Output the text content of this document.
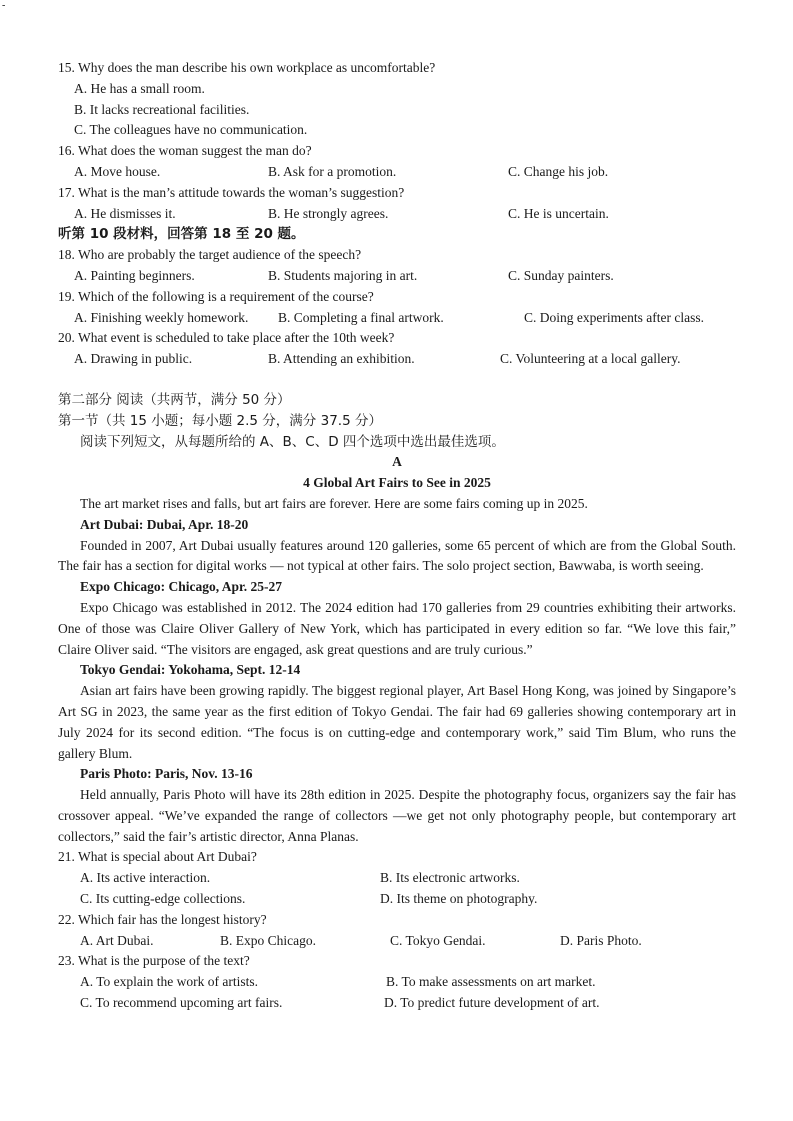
-
15. Why does the man describe his own workplace as uncomfortable?
A. He has a small room.
B. It lacks recreational facilities.
C. The colleagues have no communication.
16. What does the woman suggest the man do?
A. Move house.	B. Ask for a promotion.	C. Change his job.
17. What is the man’s attitude towards the woman’s suggestion?
A. He dismisses it.	B. He strongly agrees.	C. He is uncertain.
听第 10 段材料，回答第 18 至 20 题。
18. Who are probably the target audience of the speech?
A. Painting beginners.	B. Students majoring in art.	C. Sunday painters.
19. Which of the following is a requirement of the course?
A. Finishing weekly homework.	B. Completing a final artwork.	C. Doing experiments after class.
20. What event is scheduled to take place after the 10th week?
A. Drawing in public.	B. Attending an exhibition.	C. Volunteering at a local gallery.
第二部分 阅读（共两节，满分 50 分）
第一节（共 15 小题；每小题 2.5 分，满分 37.5 分）
阅读下列短文，从每题所给的 A、B、C、D 四个选项中选出最佳选项。
A
4 Global Art Fairs to See in 2025
The art market rises and falls, but art fairs are forever. Here are some fairs coming up in 2025.
Art Dubai: Dubai, Apr. 18-20
Founded in 2007, Art Dubai usually features around 120 galleries, some 65 percent of which are from the Global South. The fair has a section for digital works — not typical at other fairs. The solo project section, Bawwaba, is worth seeing.
Expo Chicago: Chicago, Apr. 25-27
Expo Chicago was established in 2012. The 2024 edition had 170 galleries from 29 countries exhibiting their artworks. One of those was Claire Oliver Gallery of New York, which has participated in every edition so far. “We love this fair,” Claire Oliver said. “The visitors are engaged, ask great questions and are truly curious.”
Tokyo Gendai: Yokohama, Sept. 12-14
Asian art fairs have been growing rapidly. The biggest regional player, Art Basel Hong Kong, was joined by Singapore’s Art SG in 2023, the same year as the first edition of Tokyo Gendai. The fair had 69 galleries showing contemporary art in July 2024 for its second edition. “The focus is on cutting-edge and contemporary work,” said Tim Blum, who runs the gallery Blum.
Paris Photo: Paris, Nov. 13-16
Held annually, Paris Photo will have its 28th edition in 2025. Despite the photography focus, organizers say the fair has crossover appeal. “We’ve expanded the range of collectors —we get not only photography people, but contemporary art collectors,” said the fair’s artistic director, Anna Planas.
21. What is special about Art Dubai?
A. Its active interaction.	B. Its electronic artworks.
C. Its cutting-edge collections.	D. Its theme on photography.
22. Which fair has the longest history?
A. Art Dubai.	B. Expo Chicago.	C. Tokyo Gendai.	D. Paris Photo.
23. What is the purpose of the text?
A. To explain the work of artists.	B. To make assessments on art market.
C. To recommend upcoming art fairs.	D. To predict future development of art.
